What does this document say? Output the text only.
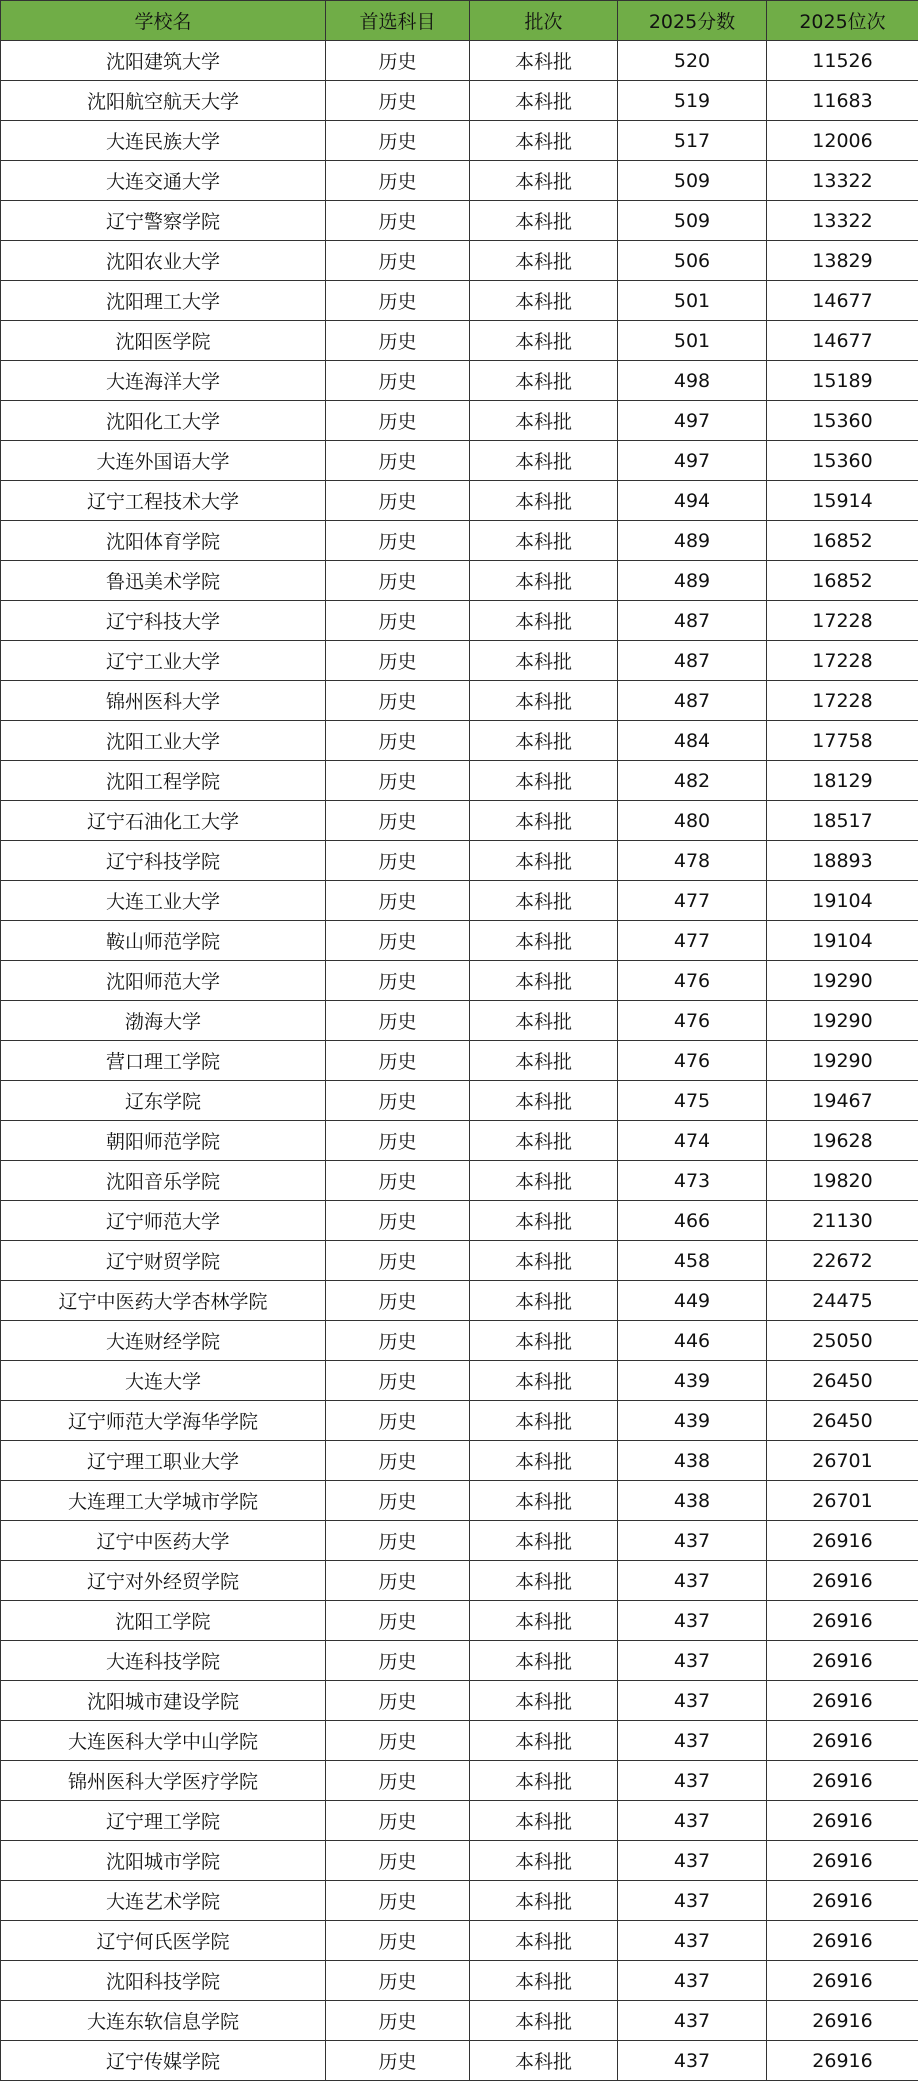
学校名	首选科目	批次	2025分数	2025位次
沈阳建筑大学	历史	本科批	520	11526
沈阳航空航天大学	历史	本科批	519	11683
大连民族大学	历史	本科批	517	12006
大连交通大学	历史	本科批	509	13322
辽宁警察学院	历史	本科批	509	13322
沈阳农业大学	历史	本科批	506	13829
沈阳理工大学	历史	本科批	501	14677
沈阳医学院	历史	本科批	501	14677
大连海洋大学	历史	本科批	498	15189
沈阳化工大学	历史	本科批	497	15360
大连外国语大学	历史	本科批	497	15360
辽宁工程技术大学	历史	本科批	494	15914
沈阳体育学院	历史	本科批	489	16852
鲁迅美术学院	历史	本科批	489	16852
辽宁科技大学	历史	本科批	487	17228
辽宁工业大学	历史	本科批	487	17228
锦州医科大学	历史	本科批	487	17228
沈阳工业大学	历史	本科批	484	17758
沈阳工程学院	历史	本科批	482	18129
辽宁石油化工大学	历史	本科批	480	18517
辽宁科技学院	历史	本科批	478	18893
大连工业大学	历史	本科批	477	19104
鞍山师范学院	历史	本科批	477	19104
沈阳师范大学	历史	本科批	476	19290
渤海大学	历史	本科批	476	19290
营口理工学院	历史	本科批	476	19290
辽东学院	历史	本科批	475	19467
朝阳师范学院	历史	本科批	474	19628
沈阳音乐学院	历史	本科批	473	19820
辽宁师范大学	历史	本科批	466	21130
辽宁财贸学院	历史	本科批	458	22672
辽宁中医药大学杏林学院	历史	本科批	449	24475
大连财经学院	历史	本科批	446	25050
大连大学	历史	本科批	439	26450
辽宁师范大学海华学院	历史	本科批	439	26450
辽宁理工职业大学	历史	本科批	438	26701
大连理工大学城市学院	历史	本科批	438	26701
辽宁中医药大学	历史	本科批	437	26916
辽宁对外经贸学院	历史	本科批	437	26916
沈阳工学院	历史	本科批	437	26916
大连科技学院	历史	本科批	437	26916
沈阳城市建设学院	历史	本科批	437	26916
大连医科大学中山学院	历史	本科批	437	26916
锦州医科大学医疗学院	历史	本科批	437	26916
辽宁理工学院	历史	本科批	437	26916
沈阳城市学院	历史	本科批	437	26916
大连艺术学院	历史	本科批	437	26916
辽宁何氏医学院	历史	本科批	437	26916
沈阳科技学院	历史	本科批	437	26916
大连东软信息学院	历史	本科批	437	26916
辽宁传媒学院	历史	本科批	437	26916
